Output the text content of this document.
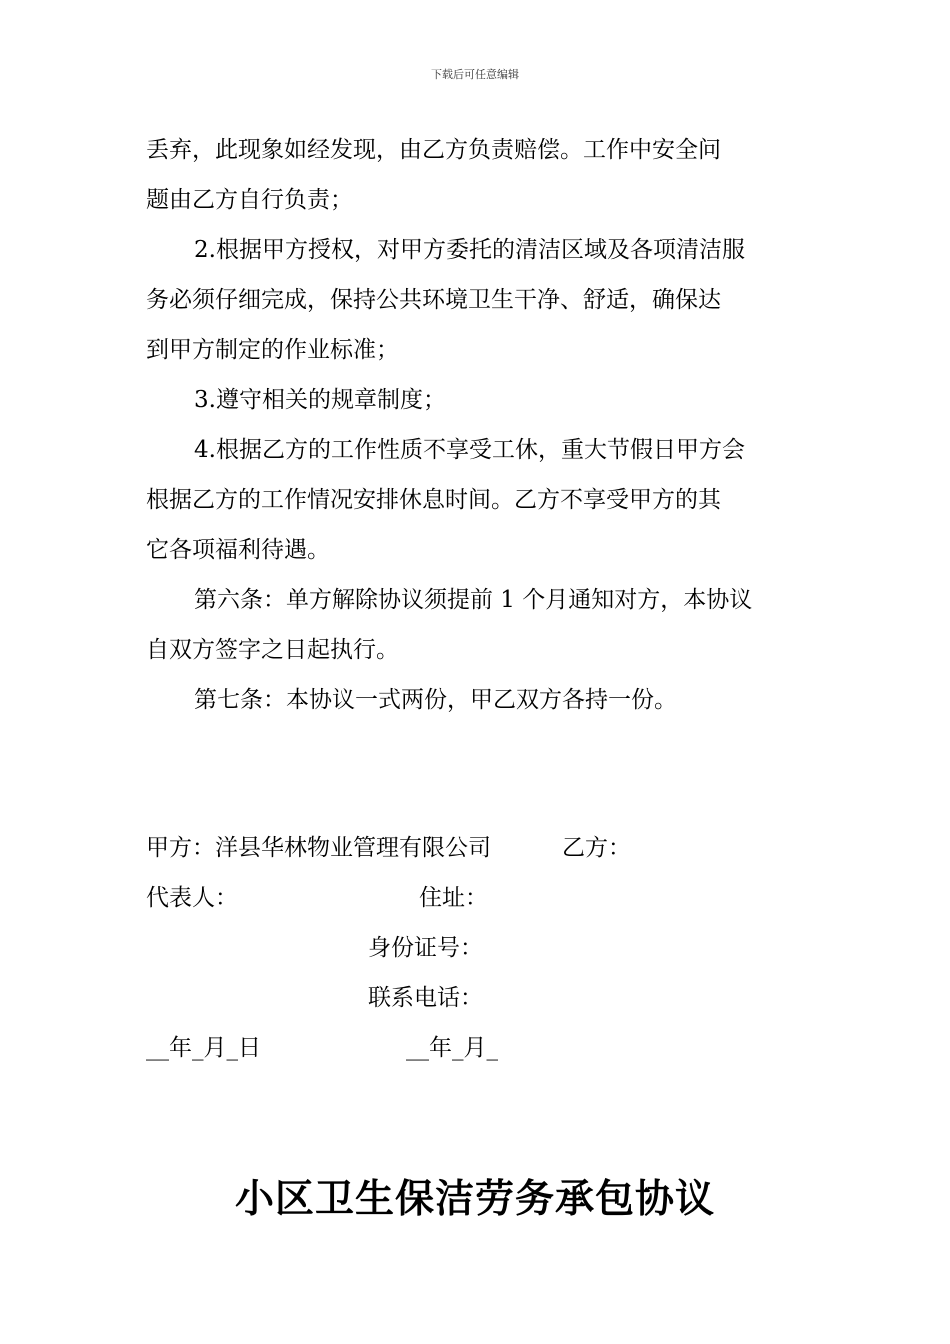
下载后可任意编辑
丢弃，此现象如经发现，由乙方负责赔偿。工作中安全问
题由乙方自行负责；
2.根据甲方授权，对甲方委托的清洁区域及各项清洁服
务必须仔细完成，保持公共环境卫生干净、舒适，确保达
到甲方制定的作业标准；
3.遵守相关的规章制度；
4.根据乙方的工作性质不享受工休，重大节假日甲方会
根据乙方的工作情况安排休息时间。乙方不享受甲方的其
它各项福利待遇。
第六条：单方解除协议须提前 1 个月通知对方，本协议
自双方签字之日起执行。
第七条：本协议一式两份，甲乙双方各持一份。
甲方：洋县华林物业管理有限公司	乙方：
代表人：	住址：
身份证号：
联系电话：
__年_月_日	__年_月_
小区卫生保洁劳务承包协议
